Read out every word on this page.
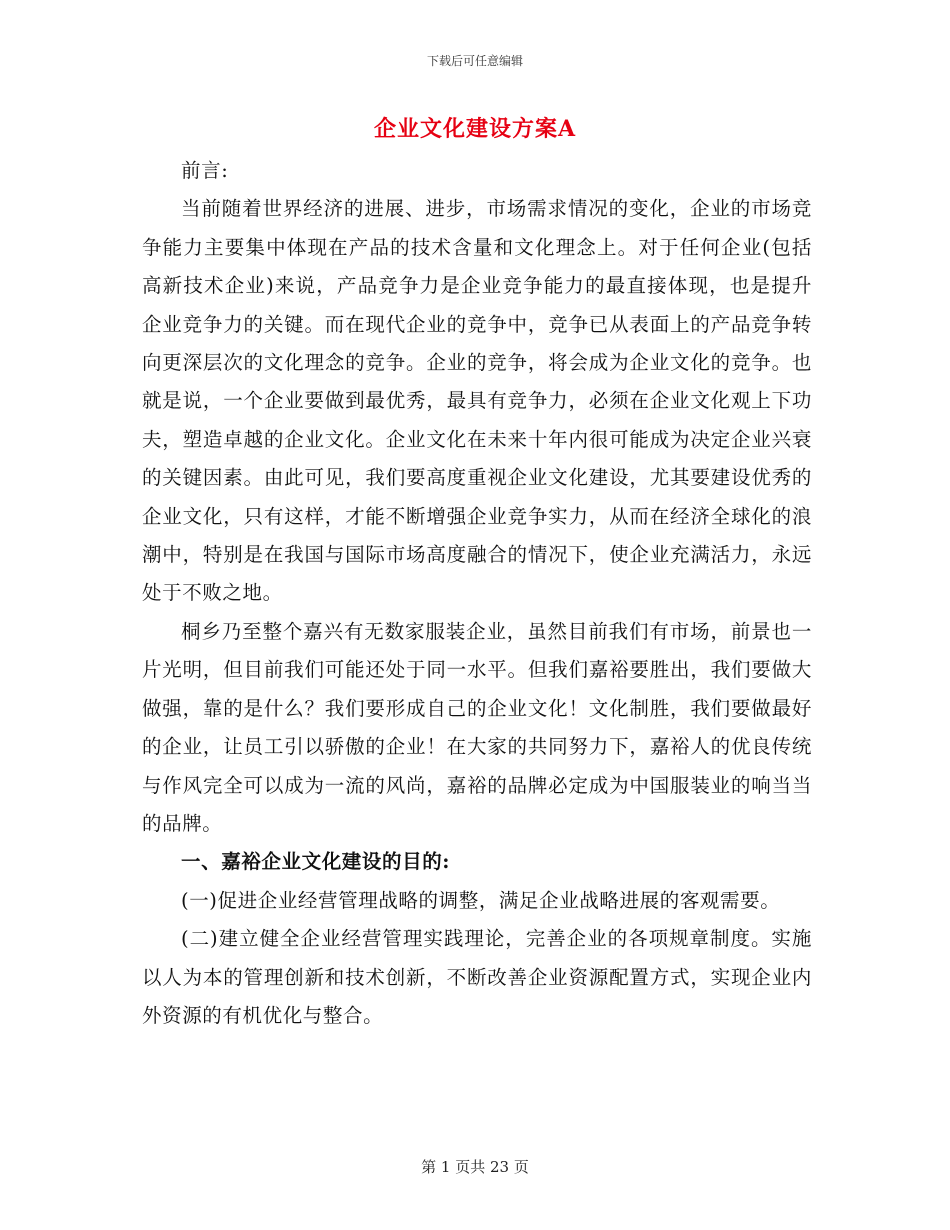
下载后可任意编辑
企业文化建设方案A

前言:

当前随着世界经济的进展、进步，市场需求情况的变化，企业的市场竞争能力主要集中体现在产品的技术含量和文化理念上。对于任何企业(包括高新技术企业)来说，产品竞争力是企业竞争能力的最直接体现，也是提升企业竞争力的关键。而在现代企业的竞争中，竞争已从表面上的产品竞争转向更深层次的文化理念的竞争。企业的竞争，将会成为企业文化的竞争。也就是说，一个企业要做到最优秀，最具有竞争力，必须在企业文化观上下功夫，塑造卓越的企业文化。企业文化在未来十年内很可能成为决定企业兴衰的关键因素。由此可见，我们要高度重视企业文化建设，尤其要建设优秀的企业文化，只有这样，才能不断增强企业竞争实力，从而在经济全球化的浪潮中，特别是在我国与国际市场高度融合的情况下，使企业充满活力，永远处于不败之地。

桐乡乃至整个嘉兴有无数家服装企业，虽然目前我们有市场，前景也一片光明，但目前我们可能还处于同一水平。但我们嘉裕要胜出，我们要做大做强，靠的是什么？我们要形成自己的企业文化！文化制胜，我们要做最好的企业，让员工引以骄傲的企业！在大家的共同努力下，嘉裕人的优良传统与作风完全可以成为一流的风尚，嘉裕的品牌必定成为中国服装业的响当当的品牌。

一、嘉裕企业文化建设的目的:

(一)促进企业经营管理战略的调整，满足企业战略进展的客观需要。

(二)建立健全企业经营管理实践理论，完善企业的各项规章制度。实施以人为本的管理创新和技术创新，不断改善企业资源配置方式，实现企业内外资源的有机优化与整合。

第 1 页共 23 页
